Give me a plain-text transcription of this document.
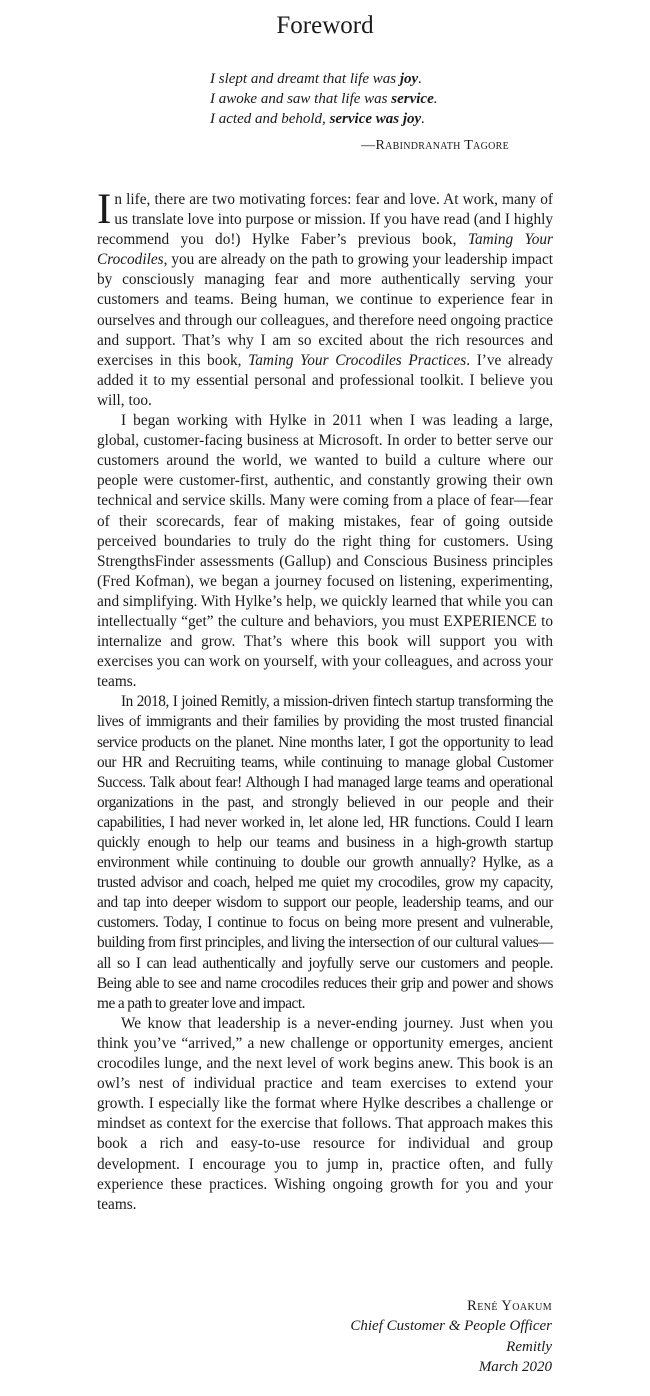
Foreword
I slept and dreamt that life was joy.
I awoke and saw that life was service.
I acted and behold, service was joy.
—Rabindranath Tagore

In life, there are two motivating forces: fear and love. At work, many of us translate love into purpose or mission. If you have read (and I highly recommend you do!) Hylke Faber’s previous book, Taming Your Crocodiles, you are already on the path to growing your leadership impact by consciously managing fear and more authentically serving your customers and teams. Being human, we continue to experience fear in ourselves and through our colleagues, and therefore need ongoing practice and support. That’s why I am so excited about the rich resources and exercises in this book, Taming Your Crocodiles Practices. I’ve already added it to my essential personal and professional toolkit. I believe you will, too.

I began working with Hylke in 2011 when I was leading a large, global, customer-facing business at Microsoft. In order to better serve our customers around the world, we wanted to build a culture where our people were customer-first, authentic, and constantly growing their own technical and service skills. Many were coming from a place of fear—fear of their scorecards, fear of making mistakes, fear of going outside perceived boundaries to truly do the right thing for customers. Using StrengthsFinder assessments (Gallup) and Conscious Business principles (Fred Kofman), we began a journey focused on listening, experimenting, and simplifying. With Hylke’s help, we quickly learned that while you can intellectually “get” the culture and behaviors, you must EXPERIENCE to internalize and grow. That’s where this book will support you with exercises you can work on yourself, with your colleagues, and across your teams.

In 2018, I joined Remitly, a mission-driven fintech startup transforming the lives of immigrants and their families by providing the most trusted financial service products on the planet. Nine months later, I got the opportunity to lead our HR and Recruiting teams, while continuing to manage global Customer Success. Talk about fear! Although I had managed large teams and operational organizations in the past, and strongly believed in our people and their capabilities, I had never worked in, let alone led, HR functions. Could I learn quickly enough to help our teams and business in a high-growth startup environment while continuing to double our growth annually? Hylke, as a trusted advisor and coach, helped me quiet my crocodiles, grow my capacity, and tap into deeper wisdom to support our people, leadership teams, and our customers. Today, I continue to focus on being more present and vulnerable, building from first principles, and living the intersection of our cultural values—all so I can lead authentically and joyfully serve our customers and people. Being able to see and name crocodiles reduces their grip and power and shows me a path to greater love and impact.

We know that leadership is a never-ending journey. Just when you think you’ve “arrived,” a new challenge or opportunity emerges, ancient crocodiles lunge, and the next level of work begins anew. This book is an owl’s nest of individual practice and team exercises to extend your growth. I especially like the format where Hylke describes a challenge or mindset as context for the exercise that follows. That approach makes this book a rich and easy-to-use resource for individual and group development. I encourage you to jump in, practice often, and fully experience these practices. Wishing ongoing growth for you and your teams.

René Yoakum

Chief Customer & People Officer
Remitly
March 2020
